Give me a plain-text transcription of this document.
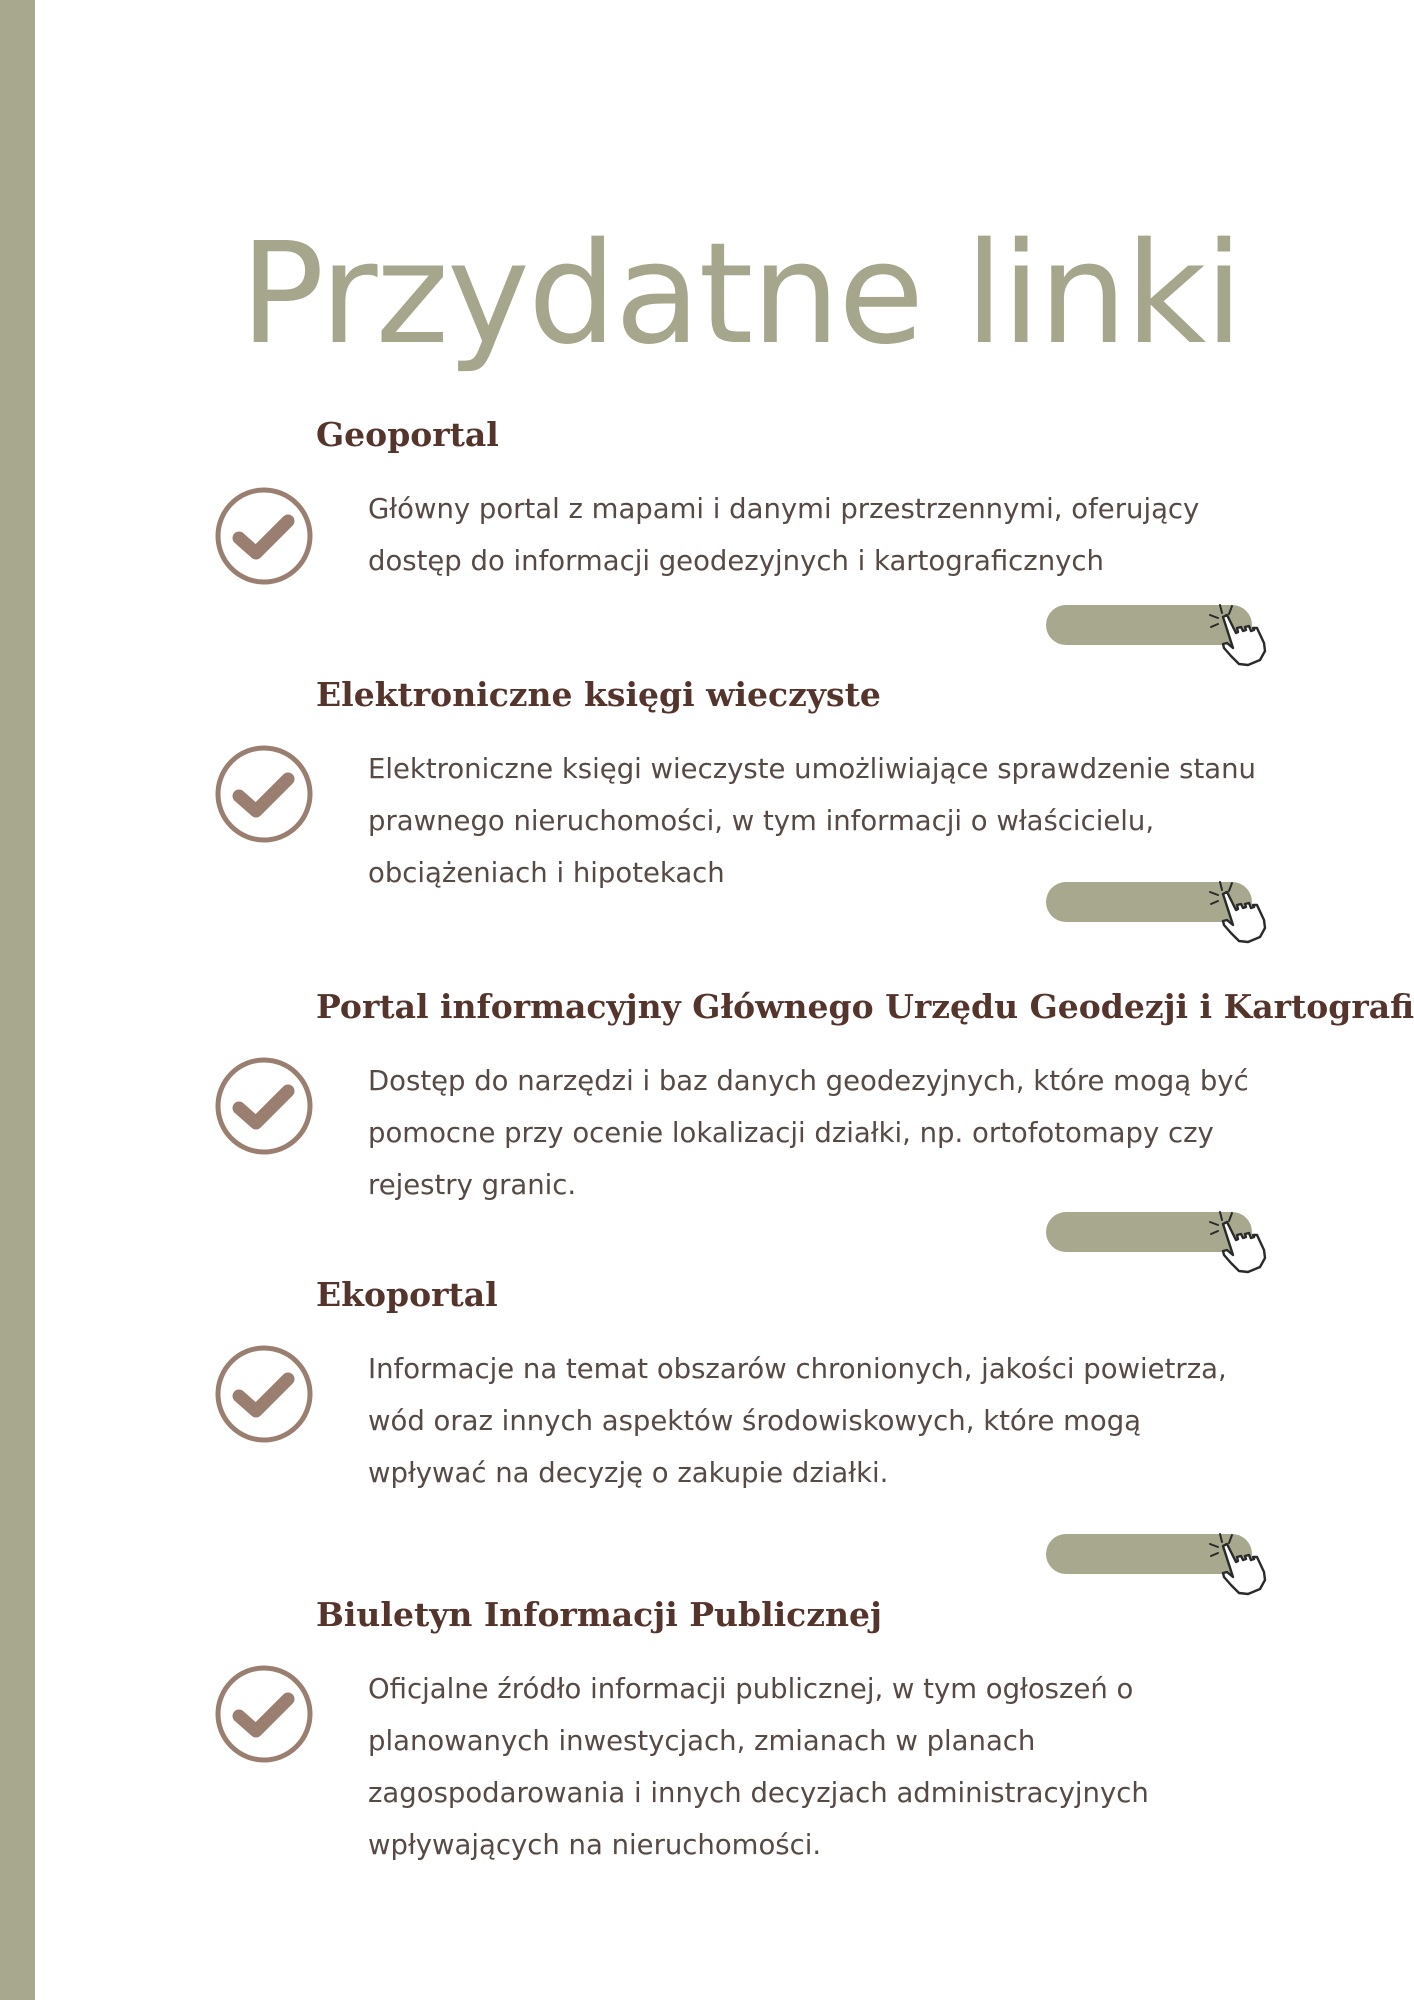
Przydatne linki
Geoportal

Główny portal z mapami i danymi przestrzennymi, oferujący dostęp do informacji geodezyjnych i kartograficznych

Elektroniczne księgi wieczyste

Elektroniczne księgi wieczyste umożliwiające sprawdzenie stanu prawnego nieruchomości, w tym informacji o właścicielu, obciążeniach i hipotekach

Portal informacyjny Głównego Urzędu Geodezji i Kartografi

Dostęp do narzędzi i baz danych geodezyjnych, które mogą być pomocne przy ocenie lokalizacji działki, np. ortofotomapy czy rejestry granic.

Ekoportal

Informacje na temat obszarów chronionych, jakości powietrza, wód oraz innych aspektów środowiskowych, które mogą wpływać na decyzję o zakupie działki.

Biuletyn Informacji Publicznej

Oficjalne źródło informacji publicznej, w tym ogłoszeń o planowanych inwestycjach, zmianach w planach zagospodarowania i innych decyzjach administracyjnych wpływających na nieruchomości.
